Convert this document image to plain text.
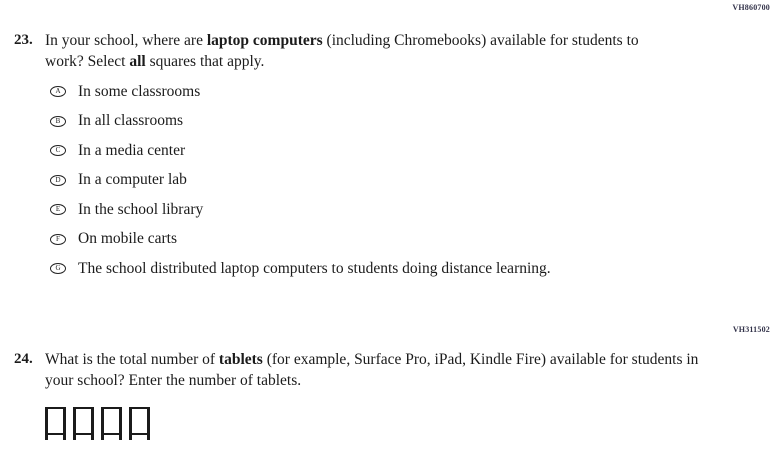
VH860700
23. In your school, where are laptop computers (including Chromebooks) available for students to work? Select all squares that apply.

A	In some classrooms
B	In all classrooms
C	In a media center
D	In a computer lab
E	In the school library
F	On mobile carts
G	The school distributed laptop computers to students doing distance learning.
VH311502
24. What is the total number of tablets (for example, Surface Pro, iPad, Kindle Fire) available for students in your school? Enter the number of tablets.
